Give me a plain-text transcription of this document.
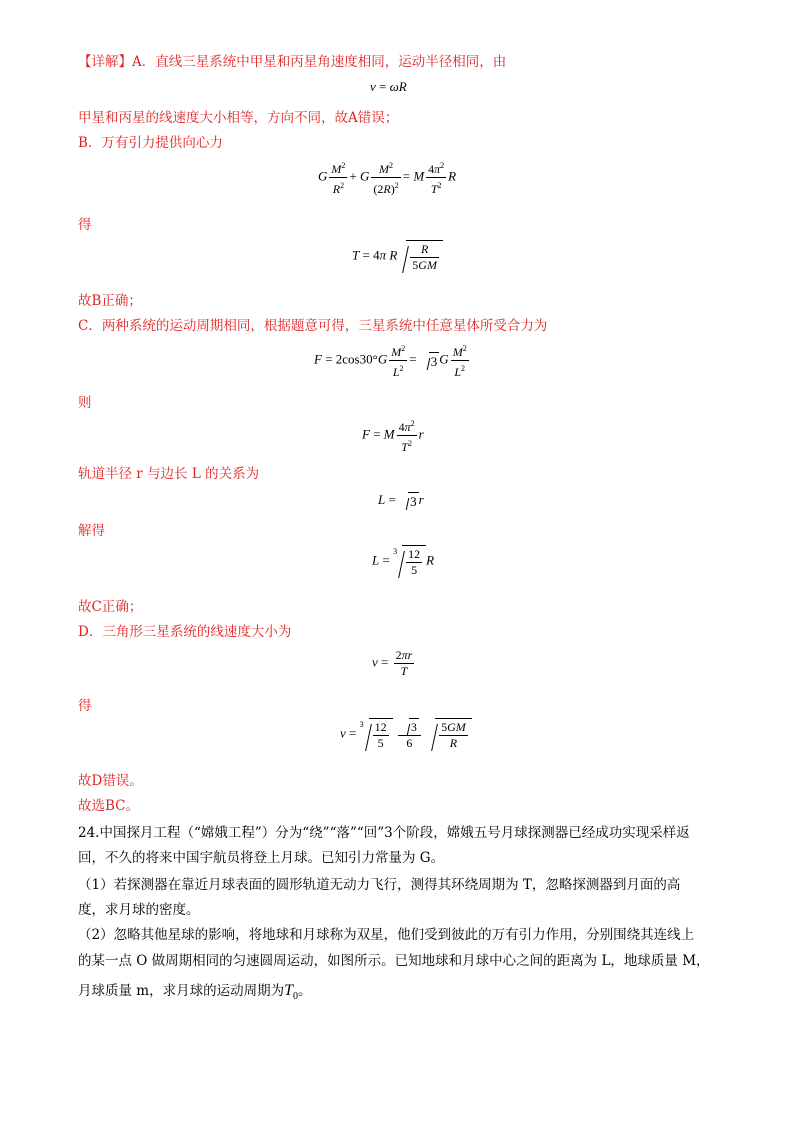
【详解】A．直线三星系统中甲星和丙星角速度相同，运动半径相同，由
v = ωR
甲星和丙星的线速度大小相等，方向不同，故A错误；
B．万有引力提供向心力
G $\frac{M^2}{R^2} + G \frac{M^2}{(2R)^2} = M \frac{4\pi^2}{T^2}$ R
得
T = 4π R $\frac{R}{5GM}$
故B正确；
C．两种系统的运动周期相同，根据题意可得，三星系统中任意星体所受合力为
$F = 2\cos 30^\circ G \frac{M^2}{L^2} = 3$ G $\frac{M^2}{L^2}$
则
F = M $\frac{4\pi^2}{T^2}$ r
轨道半径 r 与边长 L 的关系为
L = 3 r
解得
$L = ^3 \frac{12}{5}$ R
故C正确；
D．三角形三星系统的线速度大小为
$v = \frac{2\pi r}{T}$
得
$v = ^3 \frac{12}{5}$
$\frac{3}{6}$
$\frac{5GM}{R}$
故D错误。
故选BC。
24.中国探月工程（“嫦娥工程”）分为“绕”“落”“回”3个阶段，嫦娥五号月球探测器已经成功实现采样返
回，不久的将来中国宇航员将登上月球。已知引力常量为 G。
（1）若探测器在靠近月球表面的圆形轨道无动力飞行，测得其环绕周期为 T，忽略探测器到月面的高
度，求月球的密度。
（2）忽略其他星球的影响，将地球和月球称为双星，他们受到彼此的万有引力作用，分别围绕其连线上
的某一点 O 做周期相同的匀速圆周运动，如图所示。已知地球和月球中心之间的距离为 L，地球质量 M，
月球质量 m，求月球的运动周期为$T_0$。
